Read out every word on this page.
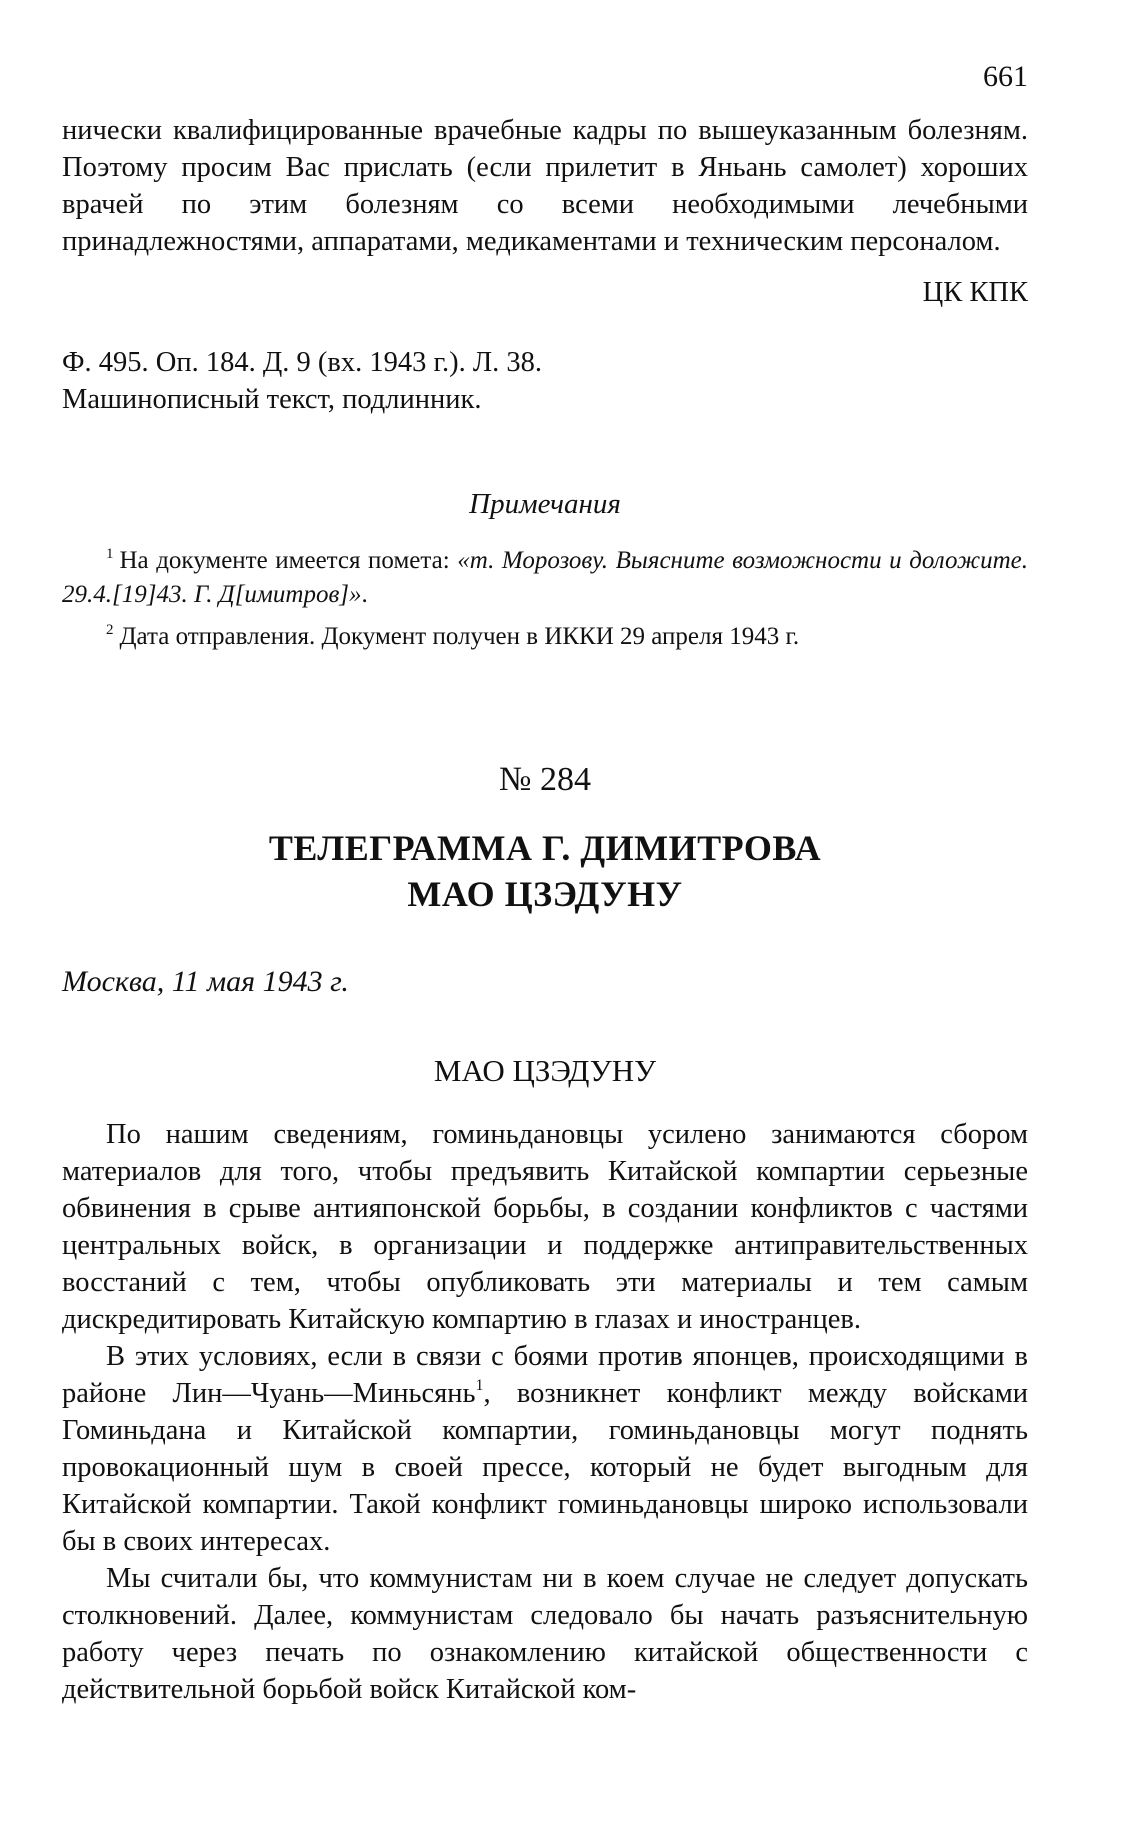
661

нически квалифицированные врачебные кадры по вышеуказанным болезням. Поэтому просим Вас прислать (если прилетит в Яньань самолет) хороших врачей по этим болезням со всеми необходимыми лечебными принадлежностями, аппаратами, медикаментами и техническим персоналом.

ЦК КПК

Ф. 495. Оп. 184. Д. 9 (вх. 1943 г.). Л. 38.

Машинописный текст, подлинник.

Примечания

$^1$ На документе имеется помета: «т. Морозову. Выясните возможности и доложите. 29.4.[19]43. Г. Д[имитров]».

$^2$ Дата отправления. Документ получен в ИККИ 29 апреля 1943 г.

№ 284
ТЕЛЕГРАММА Г. ДИМИТРОВА
МАО ЦЗЭДУНУ
Москва, 11 мая 1943 г.
МАО ЦЗЭДУНУ

По нашим сведениям, гоминьдановцы усилено занимаются сбором материалов для того, чтобы предъявить Китайской компартии серьезные обвинения в срыве антияпонской борьбы, в создании конфликтов с частями центральных войск, в организации и поддержке антиправительственных восстаний с тем, чтобы опубликовать эти материалы и тем самым дискредитировать Китайскую компартию в глазах и иностранцев.

В этих условиях, если в связи с боями против японцев, происходящими в районе Лин—Чуань—Миньсянь$^1$, возникнет конфликт между войсками Гоминьдана и Китайской компартии, гоминьдановцы могут поднять провокационный шум в своей прессе, который не будет выгодным для Китайской компартии. Такой конфликт гоминьдановцы широко использовали бы в своих интересах.

Мы считали бы, что коммунистам ни в коем случае не следует допускать столкновений. Далее, коммунистам следовало бы начать разъяснительную работу через печать по ознакомлению китайской общественности с действительной борьбой войск Китайской ком-
